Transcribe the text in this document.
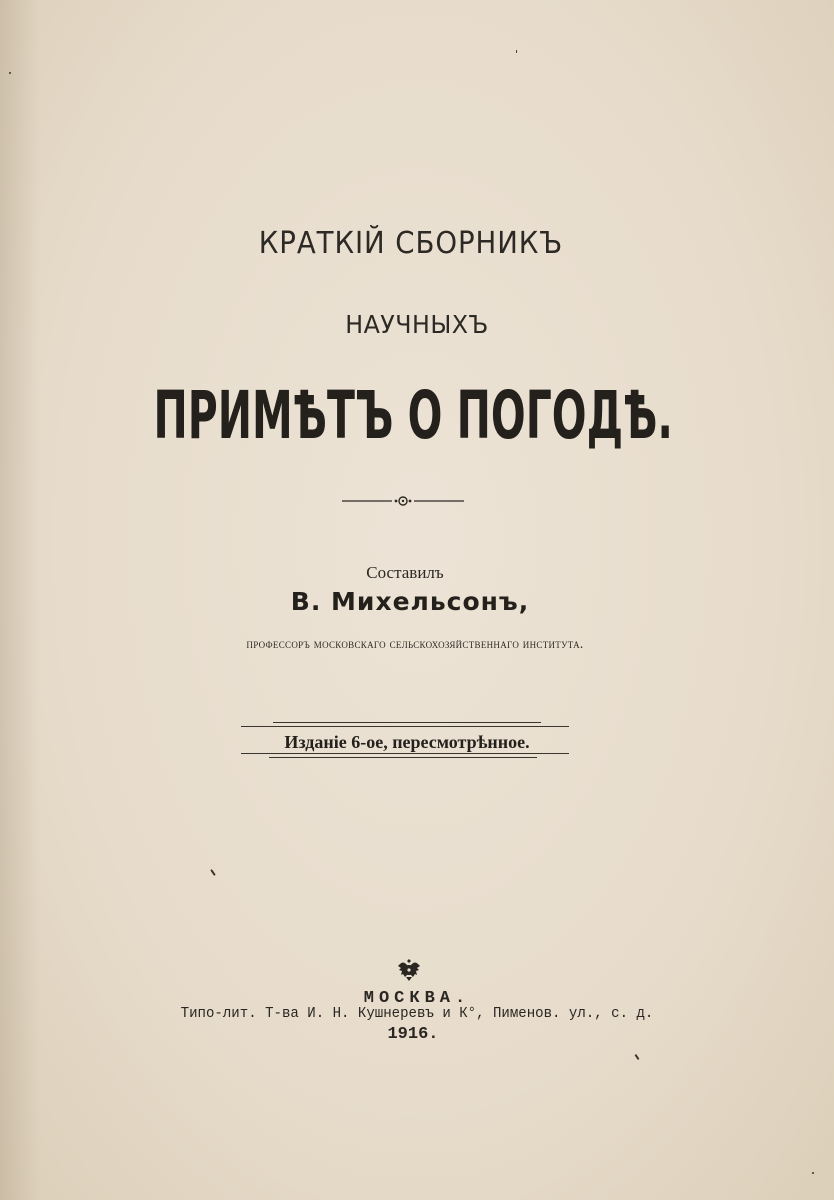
КРАТКІЙ СБОРНИКЪ
НАУЧНЫХЪ
ПРИМѢТЪ О ПОГОДѢ.
Составилъ
В. Михельсонъ,
профессоръ московскаго сельскохозяйственнаго института.
Изданіе 6-ое, пересмотрѣнное.
МОСКВА.
Типо-лит. Т-ва И. Н. Кушнеревъ и К°, Пименов. ул., с. д.
1916.
